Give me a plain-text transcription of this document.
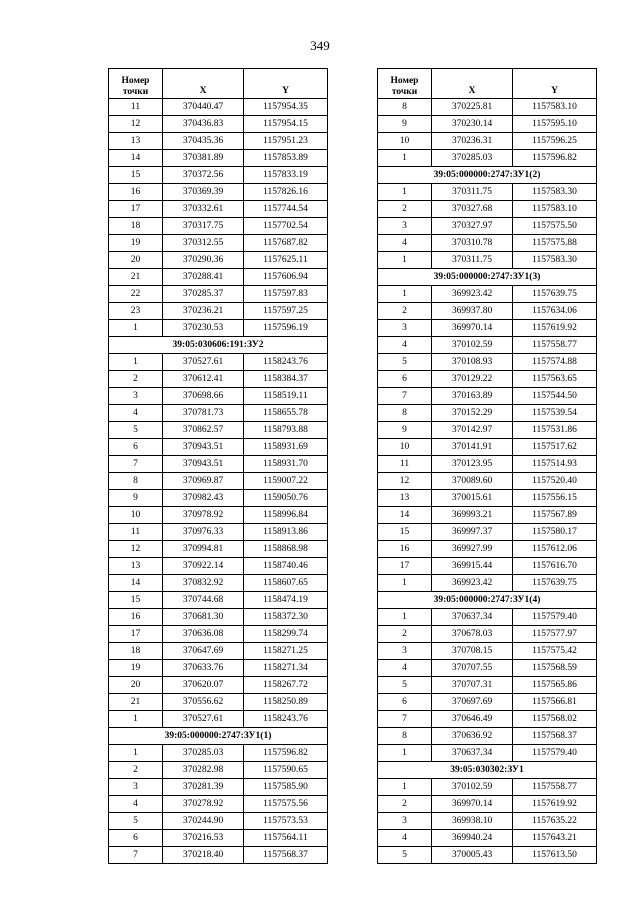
349
Номер точки	X	Y
11	370440.47	1157954.35
12	370436.83	1157954.15
13	370435.36	1157951.23
14	370381.89	1157853.89
15	370372.56	1157833.19
16	370369.39	1157826.16
17	370332.61	1157744.54
18	370317.75	1157702.54
19	370312.55	1157687.82
20	370290.36	1157625.11
21	370288.41	1157606.94
22	370285.37	1157597.83
23	370236.21	1157597.25
1	370230.53	1157596.19
39:05:030606:191:ЗУ2		
1	370527.61	1158243.76
2	370612.41	1158384.37
3	370698.66	1158519.11
4	370781.73	1158655.78
5	370862.57	1158793.88
6	370943.51	1158931.69
7	370943.51	1158931.70
8	370969.87	1159007.22
9	370982.43	1159050.76
10	370978.92	1158996.84
11	370976.33	1158913.86
12	370994.81	1158868.98
13	370922.14	1158740.46
14	370832.92	1158607.65
15	370744.68	1158474.19
16	370681.30	1158372.30
17	370636.08	1158299.74
18	370647.69	1158271.25
19	370633.76	1158271.34
20	370620.07	1158267.72
21	370556.62	1158250.89
1	370527.61	1158243.76
39:05:000000:2747:ЗУ1(1)		
1	370285.03	1157596.82
2	370282.98	1157590.65
3	370281.39	1157585.90
4	370278.92	1157575.56
5	370244.90	1157573.53
6	370216.53	1157564.11
7	370218.40	1157568.37
Номер точки	X	Y
8	370225.81	1157583.10
9	370230.14	1157595.10
10	370236.31	1157596.25
1	370285.03	1157596.82
39:05:000000:2747:ЗУ1(2)		
1	370311.75	1157583.30
2	370327.68	1157583.10
3	370327.97	1157575.50
4	370310.78	1157575.88
1	370311.75	1157583.30
39:05:000000:2747:ЗУ1(3)		
1	369923.42	1157639.75
2	369937.80	1157634.06
3	369970.14	1157619.92
4	370102.59	1157558.77
5	370108.93	1157574.88
6	370129.22	1157563.65
7	370163.89	1157544.50
8	370152.29	1157539.54
9	370142.97	1157531.86
10	370141.91	1157517.62
11	370123.95	1157514.93
12	370089.60	1157520.40
13	370015.61	1157556.15
14	369993.21	1157567.89
15	369997.37	1157580.17
16	369927.99	1157612.06
17	369915.44	1157616.70
1	369923.42	1157639.75
39:05:000000:2747:ЗУ1(4)		
1	370637.34	1157579.40
2	370678.03	1157577.97
3	370708.15	1157575.42
4	370707.55	1157568.59
5	370707.31	1157565.86
6	370697.69	1157566.81
7	370646.49	1157568.02
8	370636.92	1157568.37
1	370637.34	1157579.40
39:05:030302:ЗУ1		
1	370102.59	1157558.77
2	369970.14	1157619.92
3	369938.10	1157635.22
4	369940.24	1157643.21
5	370005.43	1157613.50
